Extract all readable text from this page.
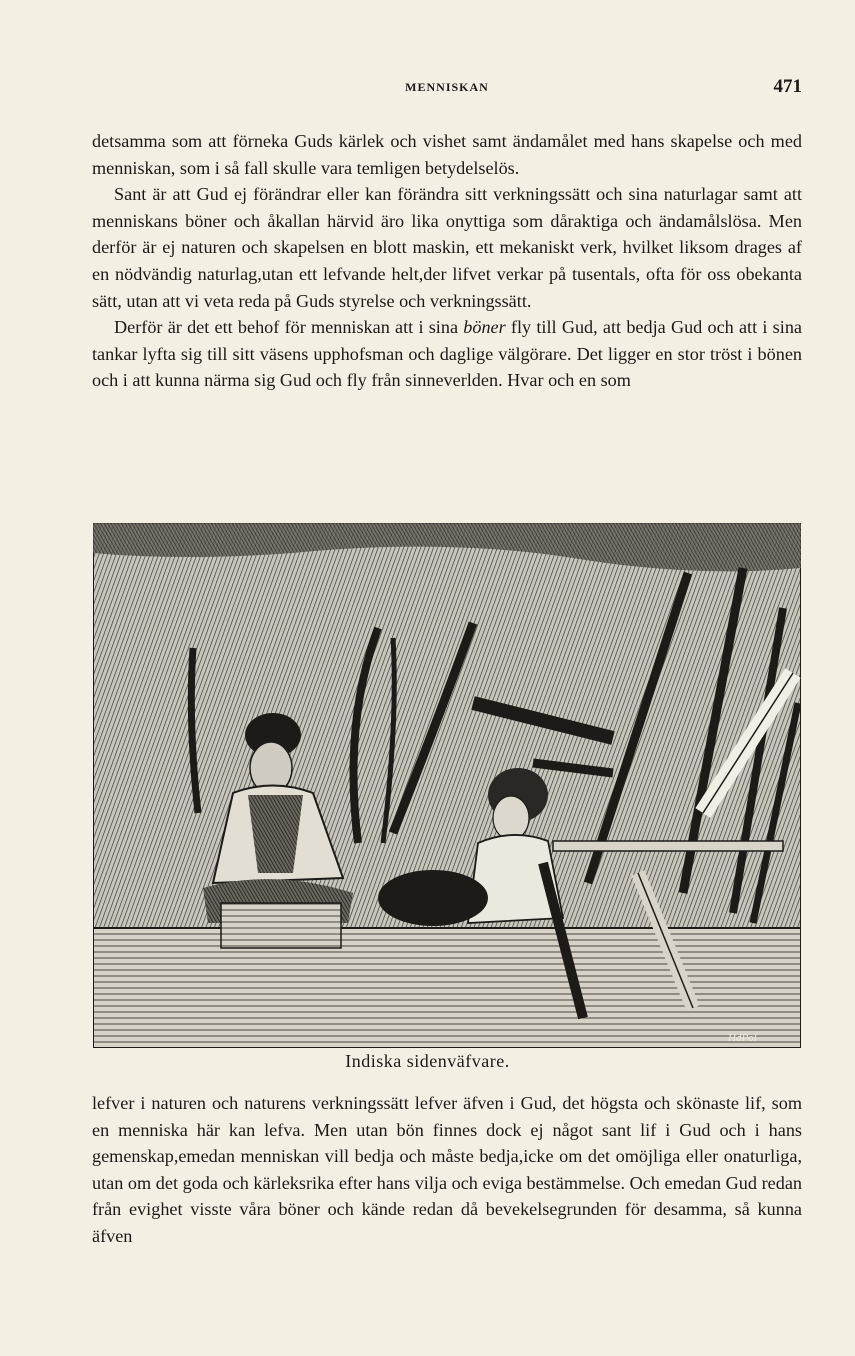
MENNISKAN	471

detsamma som att förneka Guds kärlek och vishet samt ändamålet med hans skapelse och med menniskan, som i så fall skulle vara temligen betydelselös.

Sant är att Gud ej förändrar eller kan förändra sitt verkningssätt och sina naturlagar samt att menniskans böner och åkallan härvid äro lika onyttiga som dåraktiga och ändamålslösa. Men derför är ej naturen och skapelsen en blott maskin, ett mekaniskt verk, hvilket liksom drages af en nödvändig naturlag,utan ett lefvande helt,der lifvet verkar på tusentals, ofta för oss obekanta sätt, utan att vi veta reda på Guds styrelse och verkningssätt.

Derför är det ett behof för menniskan att i sina böner fly till Gud, att bedja Gud och att i sina tankar lyfta sig till sitt väsens upphofsman och daglige välgörare. Det ligger en stor tröst i bönen och i att kunna närma sig Gud och fly från sinneverlden. Hvar och en som

HdPol
Indiska sidenväfvare.

lefver i naturen och naturens verkningssätt lefver äfven i Gud, det högsta och skönaste lif, som en menniska här kan lefva. Men utan bön finnes dock ej något sant lif i Gud och i hans gemenskap,emedan menniskan vill bedja och måste bedja,icke om det omöjliga eller onaturliga, utan om det goda och kärleksrika efter hans vilja och eviga bestämmelse. Och emedan Gud redan från evighet visste våra böner och kände redan då bevekelsegrunden för desamma, så kunna äfven
